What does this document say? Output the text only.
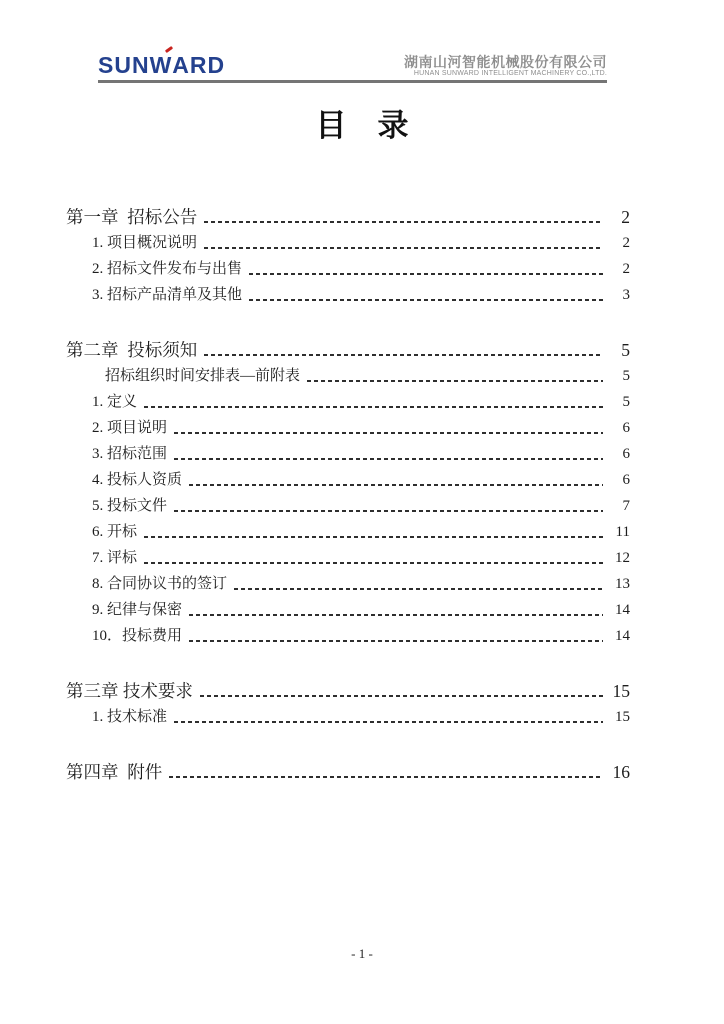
SUNWARD	湖南山河智能机械股份有限公司
HUNAN SUNWARD INTELLIGENT MACHINERY CO.,LTD.
目　录
第一章  招标公告	2
1. 项目概况说明	2
2. 招标文件发布与出售	2
3. 招标产品清单及其他	3
第二章  投标须知	5
招标组织时间安排表—前附表	5
1. 定义	5
2. 项目说明	6
3. 招标范围	6
4. 投标人资质	6
5. 投标文件	7
6. 开标	11
7. 评标	12
8. 合同协议书的签订	13
9. 纪律与保密	14
10．投标费用	14
第三章 技术要求	15
1. 技术标准	15
第四章  附件	16
- 1 -
